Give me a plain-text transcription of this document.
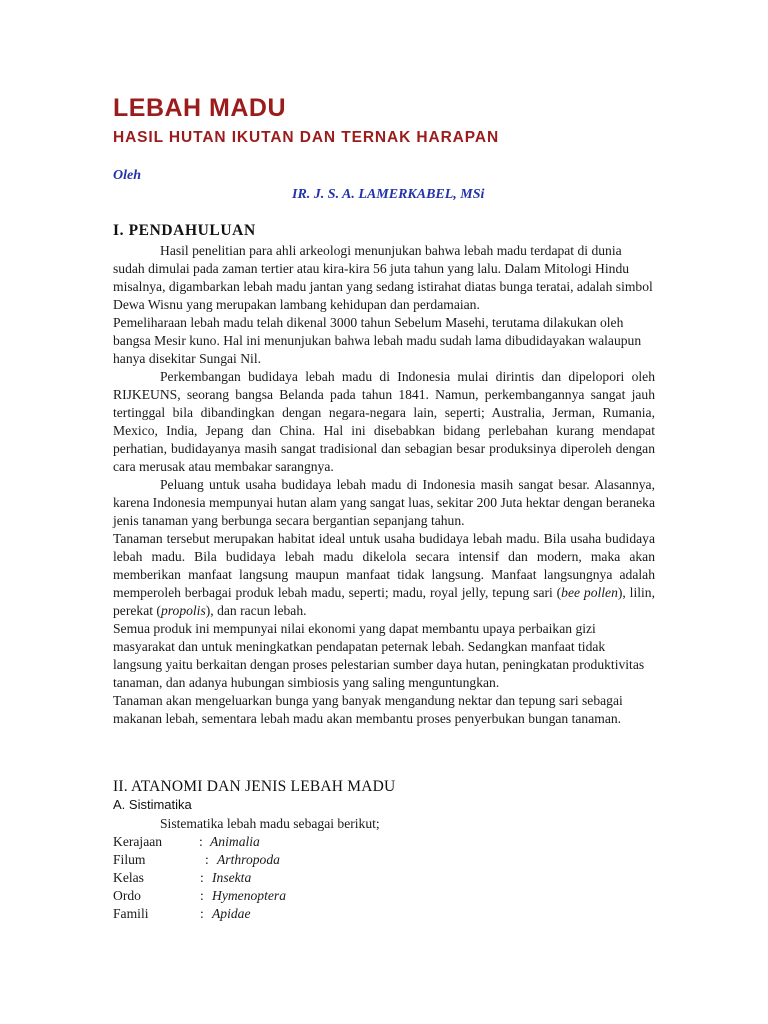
LEBAH MADU
HASIL HUTAN IKUTAN DAN TERNAK HARAPAN
Oleh
IR. J. S. A. LAMERKABEL, MSi
I. PENDAHULUAN

Hasil penelitian para ahli arkeologi menunjukan bahwa lebah madu terdapat di dunia sudah dimulai pada zaman tertier atau kira-kira 56 juta tahun yang lalu. Dalam Mitologi Hindu misalnya, digambarkan lebah madu jantan yang sedang istirahat diatas bunga teratai, adalah simbol Dewa Wisnu yang merupakan lambang kehidupan dan perdamaian.

Pemeliharaan lebah madu telah dikenal 3000 tahun Sebelum Masehi, terutama dilakukan oleh bangsa Mesir kuno. Hal ini menunjukan bahwa lebah madu sudah lama dibudidayakan walaupun hanya disekitar Sungai Nil.

Perkembangan budidaya lebah madu di Indonesia mulai dirintis dan dipelopori oleh RIJKEUNS, seorang bangsa Belanda pada tahun 1841. Namun, perkembangannya sangat jauh tertinggal bila dibandingkan dengan negara-negara lain, seperti; Australia, Jerman, Rumania, Mexico, India, Jepang dan China. Hal ini disebabkan bidang perlebahan kurang mendapat perhatian, budidayanya masih sangat tradisional dan sebagian besar produksinya diperoleh dengan cara merusak atau membakar sarangnya.

Peluang untuk usaha budidaya lebah madu di Indonesia masih sangat besar. Alasannya, karena Indonesia mempunyai hutan alam yang sangat luas, sekitar 200 Juta hektar dengan beraneka jenis tanaman yang berbunga secara bergantian sepanjang tahun.

Tanaman tersebut merupakan habitat ideal untuk usaha budidaya lebah madu. Bila usaha budidaya lebah madu. Bila budidaya lebah madu dikelola secara intensif dan modern, maka akan memberikan manfaat langsung maupun manfaat tidak langsung. Manfaat langsungnya adalah memperoleh berbagai produk lebah madu, seperti; madu, royal jelly, tepung sari (bee pollen), lilin, perekat (propolis), dan racun lebah.

Semua produk ini mempunyai nilai ekonomi yang dapat membantu upaya perbaikan gizi masyarakat dan untuk meningkatkan pendapatan peternak lebah. Sedangkan manfaat tidak langsung yaitu berkaitan dengan proses pelestarian sumber daya hutan, peningkatan produktivitas tanaman, dan adanya hubungan simbiosis yang saling menguntungkan.

Tanaman akan mengeluarkan bunga yang banyak mengandung nektar dan tepung sari sebagai makanan lebah, sementara lebah madu akan membantu proses penyerbukan bungan tanaman.

II. ATANOMI DAN JENIS LEBAH MADU
A. Sistimatika
Sistematika lebah madu sebagai berikut;
Kerajaan	: Animalia
Filum	: Arthropoda
Kelas	: Insekta
Ordo	: Hymenoptera
Famili	: Apidae
